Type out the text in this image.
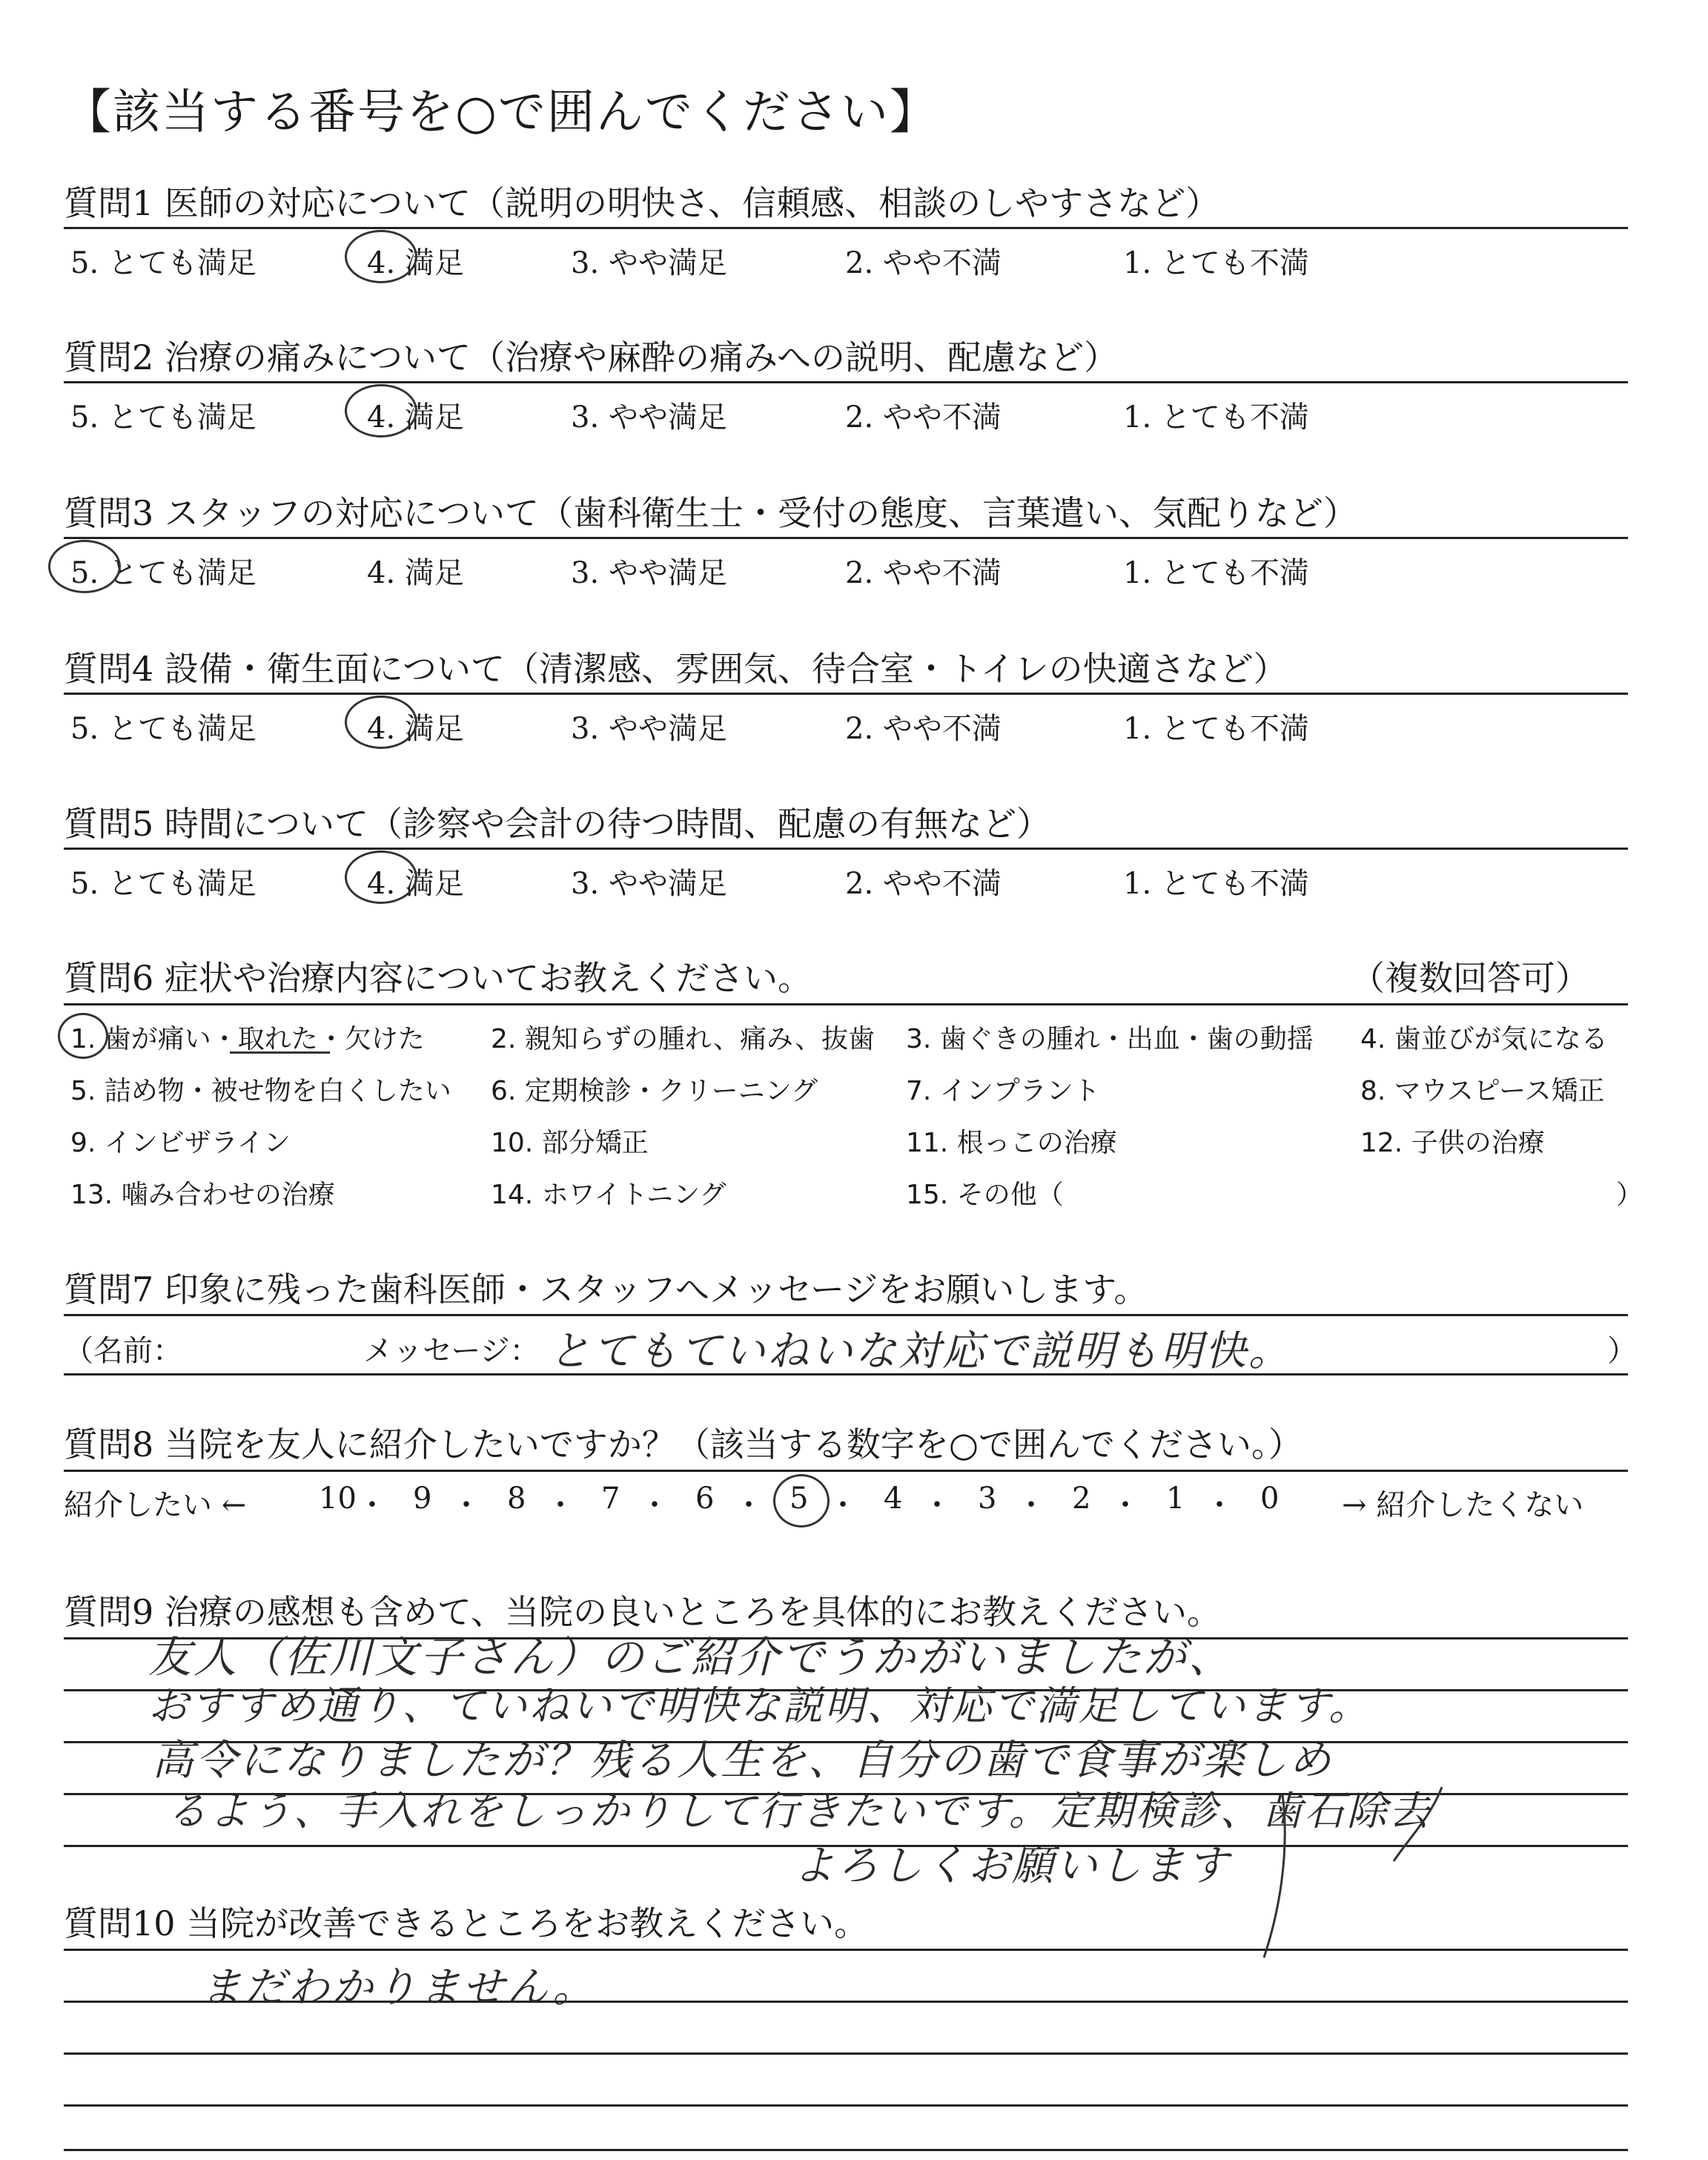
【該当する番号を○で囲んでください】
質問1 医師の対応について（説明の明快さ、信頼感、相談のしやすさなど）
5. とても満足	4. 満足	3. やや満足	2. やや不満	1. とても不満
質問2 治療の痛みについて（治療や麻酔の痛みへの説明、配慮など）
5. とても満足	4. 満足	3. やや満足	2. やや不満	1. とても不満
質問3 スタッフの対応について（歯科衛生士・受付の態度、言葉遣い、気配りなど）
5. とても満足	4. 満足	3. やや満足	2. やや不満	1. とても不満
質問4 設備・衛生面について（清潔感、雰囲気、待合室・トイレの快適さなど）
5. とても満足	4. 満足	3. やや満足	2. やや不満	1. とても不満
質問5 時間について（診察や会計の待つ時間、配慮の有無など）
5. とても満足	4. 満足	3. やや満足	2. やや不満	1. とても不満
質問6 症状や治療内容についてお教えください。	（複数回答可）
1. 歯が痛い・取れた・欠けた 2. 親知らずの腫れ、痛み、抜歯 3. 歯ぐきの腫れ・出血・歯の動揺 4. 歯並びが気になる
5. 詰め物・被せ物を白くしたい 6. 定期検診・クリーニング	7. インプラント	8. マウスピース矯正
9. インビザライン	10. 部分矯正	11. 根っこの治療	12. 子供の治療
13. 噛み合わせの治療	14. ホワイトニング	15. その他（	）
質問7 印象に残った歯科医師・スタッフへメッセージをお願いします。
（名前：	メッセージ： とてもていねいな対応で説明も明快。	）
質問8 当院を友人に紹介したいですか？（該当する数字を○で囲んでください。）
紹介したい ← 10 ・ 9 ・ 8 ・ 7 ・ 6 ・ 5 ・ 4 ・ 3 ・ 2 ・ 1 ・ 0 → 紹介したくない
質問9 治療の感想も含めて、当院の良いところを具体的にお教えください。
友人（佐川文子さん）のご紹介でうかがいましたが、
おすすめ通り、ていねいで明快な説明、対応で満足しています。
高令になりましたが？残る人生を、自分の歯で食事が楽しめ
るよう、手入れをしっかりして行きたいです。定期検診、歯石除去
よろしくお願いします
質問10 当院が改善できるところをお教えください。
まだわかりません。
